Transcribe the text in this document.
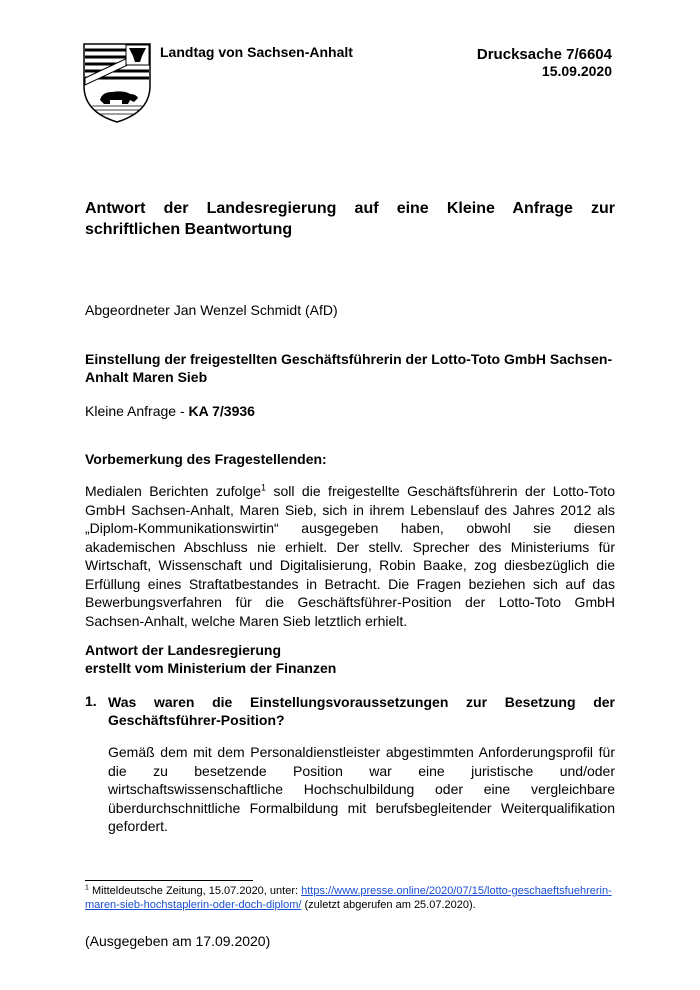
Landtag von Sachsen-Anhalt	Drucksache 7/6604
15.09.2020
Antwort der Landesregierung auf eine Kleine Anfrage zur schriftlichen Beantwortung
Abgeordneter Jan Wenzel Schmidt (AfD)
Einstellung der freigestellten Geschäftsführerin der Lotto-Toto GmbH Sachsen-Anhalt Maren Sieb
Kleine Anfrage - KA 7/3936
Vorbemerkung des Fragestellenden:
Medialen Berichten zufolge$^1$ soll die freigestellte Geschäftsführerin der Lotto-Toto GmbH Sachsen-Anhalt, Maren Sieb, sich in ihrem Lebenslauf des Jahres 2012 als „Diplom-Kommunikationswirtin“ ausgegeben haben, obwohl sie diesen akademischen Abschluss nie erhielt. Der stellv. Sprecher des Ministeriums für Wirtschaft, Wissenschaft und Digitalisierung, Robin Baake, zog diesbezüglich die Erfüllung eines Straftatbestandes in Betracht. Die Fragen beziehen sich auf das Bewerbungsverfahren für die Geschäftsführer-Position der Lotto-Toto GmbH Sachsen-Anhalt, welche Maren Sieb letztlich erhielt.
Antwort der Landesregierung
erstellt vom Ministerium der Finanzen
1. Was waren die Einstellungsvoraussetzungen zur Besetzung der Geschäftsführer-Position?
Gemäß dem mit dem Personaldienstleister abgestimmten Anforderungsprofil für die zu besetzende Position war eine juristische und/oder wirtschaftswissenschaftliche Hochschulbildung oder eine vergleichbare überdurchschnittliche Formalbildung mit berufsbegleitender Weiterqualifikation gefordert.
$^1$ Mitteldeutsche Zeitung, 15.07.2020, unter: https://www.presse.online/2020/07/15/lotto-geschaeftsfuehrerin-maren-sieb-hochstaplerin-oder-doch-diplom/ (zuletzt abgerufen am 25.07.2020).
(Ausgegeben am 17.09.2020)
